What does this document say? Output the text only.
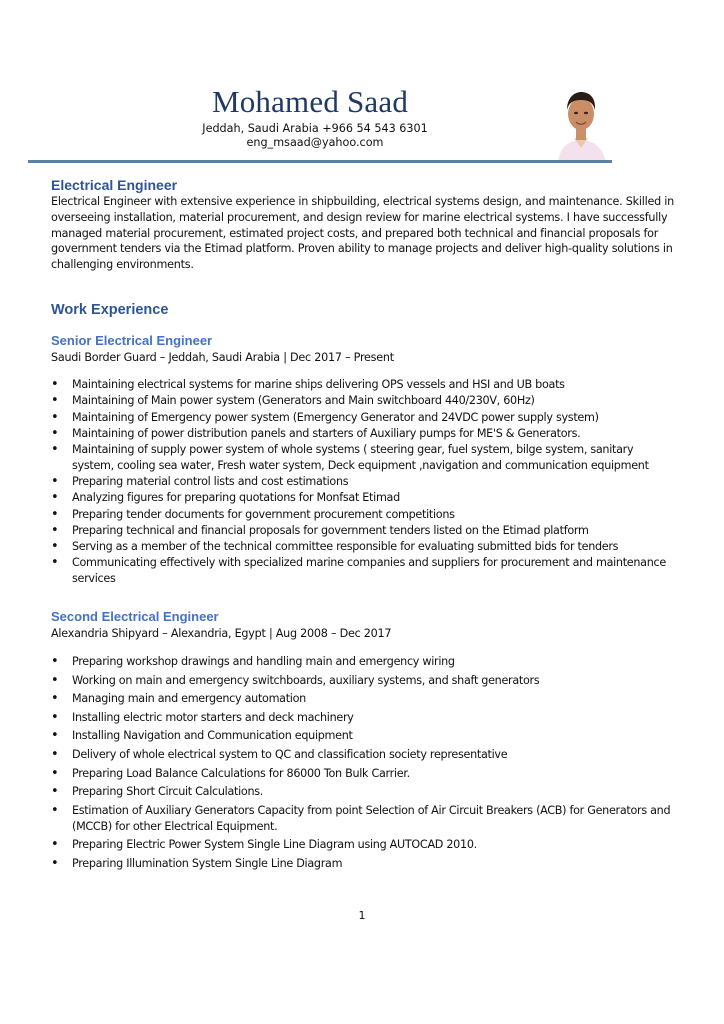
Mohamed Saad
Jeddah, Saudi Arabia +966 54 543 6301
eng_msaad@yahoo.com
Electrical Engineer
Electrical Engineer with extensive experience in shipbuilding, electrical systems design, and maintenance. Skilled in overseeing installation, material procurement, and design review for marine electrical systems. I have successfully managed material procurement, estimated project costs, and prepared both technical and financial proposals for government tenders via the Etimad platform. Proven ability to manage projects and deliver high-quality solutions in challenging environments.
Work Experience
Senior Electrical Engineer
Saudi Border Guard – Jeddah, Saudi Arabia | Dec 2017 – Present
• Maintaining electrical systems for marine ships delivering OPS vessels and HSI and UB boats
• Maintaining of Main power system (Generators and Main switchboard 440/230V, 60Hz)
• Maintaining of Emergency power system (Emergency Generator and 24VDC power supply system)
• Maintaining of power distribution panels and starters of Auxiliary pumps for ME'S & Generators.
• Maintaining of supply power system of whole systems ( steering gear, fuel system, bilge system, sanitary system, cooling sea water, Fresh water system, Deck equipment ,navigation and communication equipment
• Preparing material control lists and cost estimations
• Analyzing figures for preparing quotations for Monfsat Etimad
• Preparing tender documents for government procurement competitions
• Preparing technical and financial proposals for government tenders listed on the Etimad platform
• Serving as a member of the technical committee responsible for evaluating submitted bids for tenders
• Communicating effectively with specialized marine companies and suppliers for procurement and maintenance services
Second Electrical Engineer
Alexandria Shipyard – Alexandria, Egypt | Aug 2008 – Dec 2017
• Preparing workshop drawings and handling main and emergency wiring
• Working on main and emergency switchboards, auxiliary systems, and shaft generators
• Managing main and emergency automation
• Installing electric motor starters and deck machinery
• Installing Navigation and Communication equipment
• Delivery of whole electrical system to QC and classification society representative
• Preparing Load Balance Calculations for 86000 Ton Bulk Carrier.
• Preparing Short Circuit Calculations.
• Estimation of Auxiliary Generators Capacity from point Selection of Air Circuit Breakers (ACB) for Generators and (MCCB) for other Electrical Equipment.
• Preparing Electric Power System Single Line Diagram using AUTOCAD 2010.
• Preparing Illumination System Single Line Diagram
1
